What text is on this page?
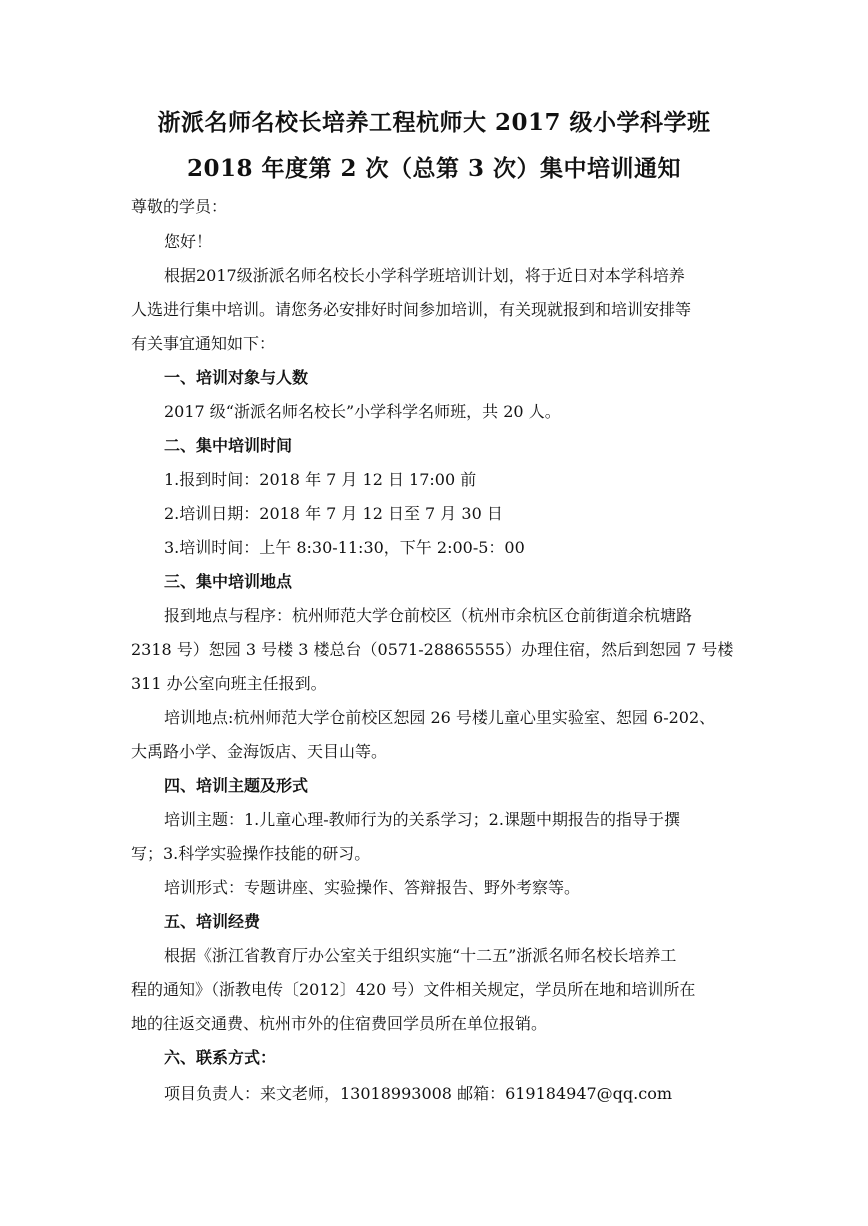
浙派名师名校长培养工程杭师大 2017 级小学科学班
2018 年度第 2 次（总第 3 次）集中培训通知
尊敬的学员：
您好！
根据2017级浙派名师名校长小学科学班培训计划，将于近日对本学科培养
人选进行集中培训。请您务必安排好时间参加培训，有关现就报到和培训安排等
有关事宜通知如下：
一、培训对象与人数
2017 级“浙派名师名校长”小学科学名师班，共 20 人。
二、集中培训时间
1.报到时间：2018 年 7 月 12 日 17:00 前
2.培训日期：2018 年 7 月 12 日至 7 月 30 日
3.培训时间：上午 8:30-11:30，下午 2:00-5：00
三、集中培训地点
报到地点与程序：杭州师范大学仓前校区（杭州市余杭区仓前街道余杭塘路
2318 号）恕园 3 号楼 3 楼总台（0571-28865555）办理住宿，然后到恕园 7 号楼
311 办公室向班主任报到。
培训地点:杭州师范大学仓前校区恕园 26 号楼儿童心里实验室、恕园 6-202、
大禹路小学、金海饭店、天目山等。
四、培训主题及形式
培训主题：1.儿童心理-教师行为的关系学习；2.课题中期报告的指导于撰
写；3.科学实验操作技能的研习。
培训形式：专题讲座、实验操作、答辩报告、野外考察等。
五、培训经费
根据《浙江省教育厅办公室关于组织实施“十二五”浙派名师名校长培养工
程的通知》（浙教电传〔2012〕420 号）文件相关规定，学员所在地和培训所在
地的往返交通费、杭州市外的住宿费回学员所在单位报销。
六、联系方式：
项目负责人：来文老师，13018993008 邮箱：619184947@qq.com
